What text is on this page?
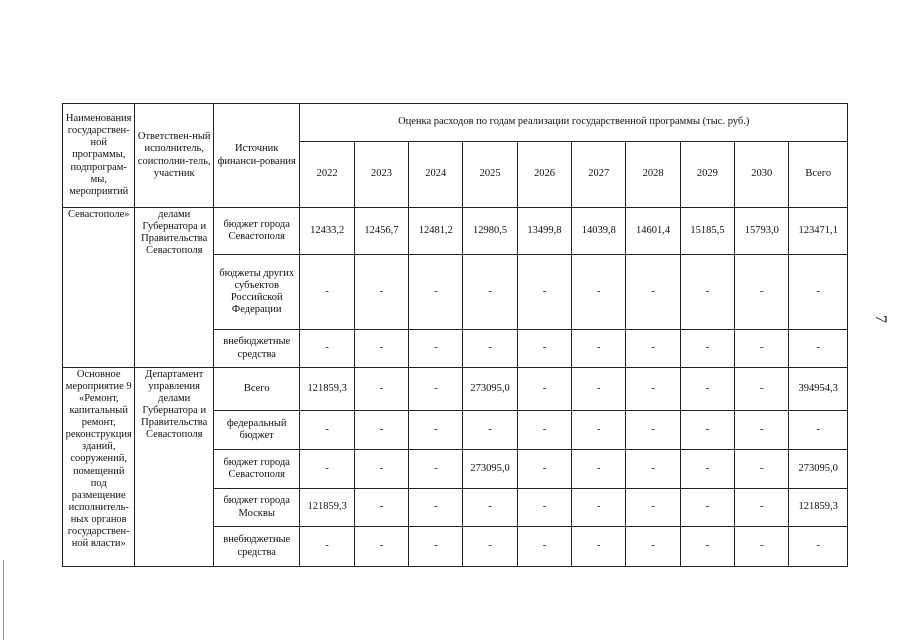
Наименования государствен-ной программы, подпрограм-мы, мероприятий	Ответствен-ный исполнитель, соисполни-тель, участник	Источник финанси-рования	Оценка расходов по годам реализации государственной программы (тыс. руб.)									
			2022	2023	2024	2025	2026	2027	2028	2029	2030	Всего
Севастополе»	делами Губернатора и Правительства Севастополя	бюджет города Севастополя	12433,2	12456,7	12481,2	12980,5	13499,8	14039,8	14601,4	15185,5	15793,0	123471,1
		бюджеты других субъектов Российской Федерации	-	-	-	-	-	-	-	-	-	-
		внебюджетные средства	-	-	-	-	-	-	-	-	-	-
Основное мероприятие 9 «Ремонт, капитальный ремонт, реконструкция зданий, сооружений, помещений под размещение исполнитель-ных органов государствен-ной власти»	Департамент управления делами Губернатора и Правительства Севастополя	Всего	121859,3	-	-	273095,0	-	-	-	-	-	394954,3
		федеральный бюджет	-	-	-	-	-	-	-	-	-	-
		бюджет города Севастополя	-	-	-	273095,0	-	-	-	-	-	273095,0
		бюджет города Москвы	121859,3	-	-	-	-	-	-	-	-	121859,3
		внебюджетные средства	-	-	-	-	-	-	-	-	-	-
7
